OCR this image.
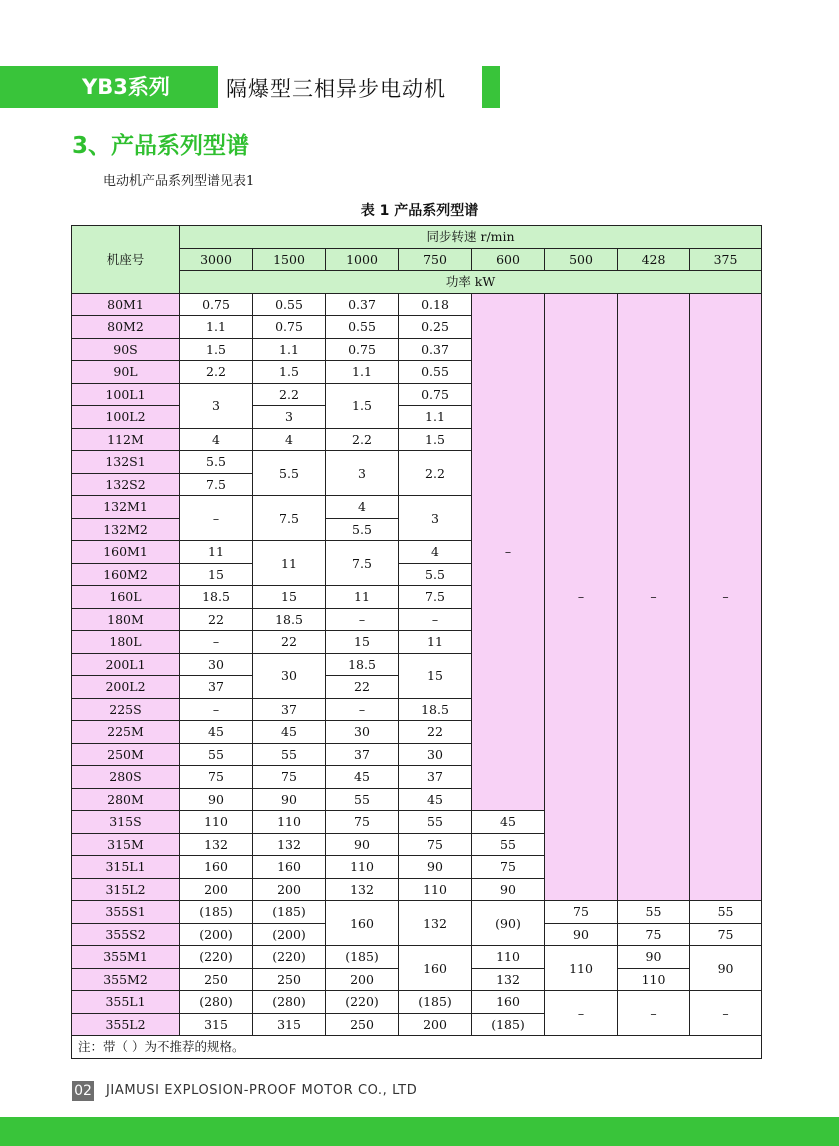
YB3系列	隔爆型三相异步电动机
3、产品系列型谱
电动机产品系列型谱见表1
表 1 产品系列型谱
机座号	同步转速 r/min							
	3000	1500	1000	750	600	500	428	375
	功率 kW							
80M1	0.75	0.55	0.37	0.18	–	–	–	–
80M2	1.1	0.75	0.55	0.25				
90S	1.5	1.1	0.75	0.37				
90L	2.2	1.5	1.1	0.55				
100L1	3	2.2	1.5	0.75				
100L2		3		1.1				
112M	4	4	2.2	1.5				
132S1	5.5	5.5	3	2.2				
132S2	7.5							
132M1	–	7.5	4	3				
132M2			5.5					
160M1	11	11	7.5	4				
160M2	15			5.5				
160L	18.5	15	11	7.5				
180M	22	18.5	–	–				
180L	–	22	15	11				
200L1	30	30	18.5	15				
200L2	37		22					
225S	–	37	–	18.5				
225M	45	45	30	22				
250M	55	55	37	30				
280S	75	75	45	37				
280M	90	90	55	45				
315S	110	110	75	55	45			
315M	132	132	90	75	55			
315L1	160	160	110	90	75			
315L2	200	200	132	110	90			
355S1	(185)	(185)	160	132	(90)	75	55	55
355S2	(200)	(200)				90	75	75
355M1	(220)	(220)	(185)	160	110	110	90	90
355M2	250	250	200		132		110	
355L1	(280)	(280)	(220)	(185)	160	–	–	–
355L2	315	315	250	200	(185)			
注：带（ ）为不推荐的规格。								
02 JIAMUSI EXPLOSION-PROOF MOTOR CO., LTD
